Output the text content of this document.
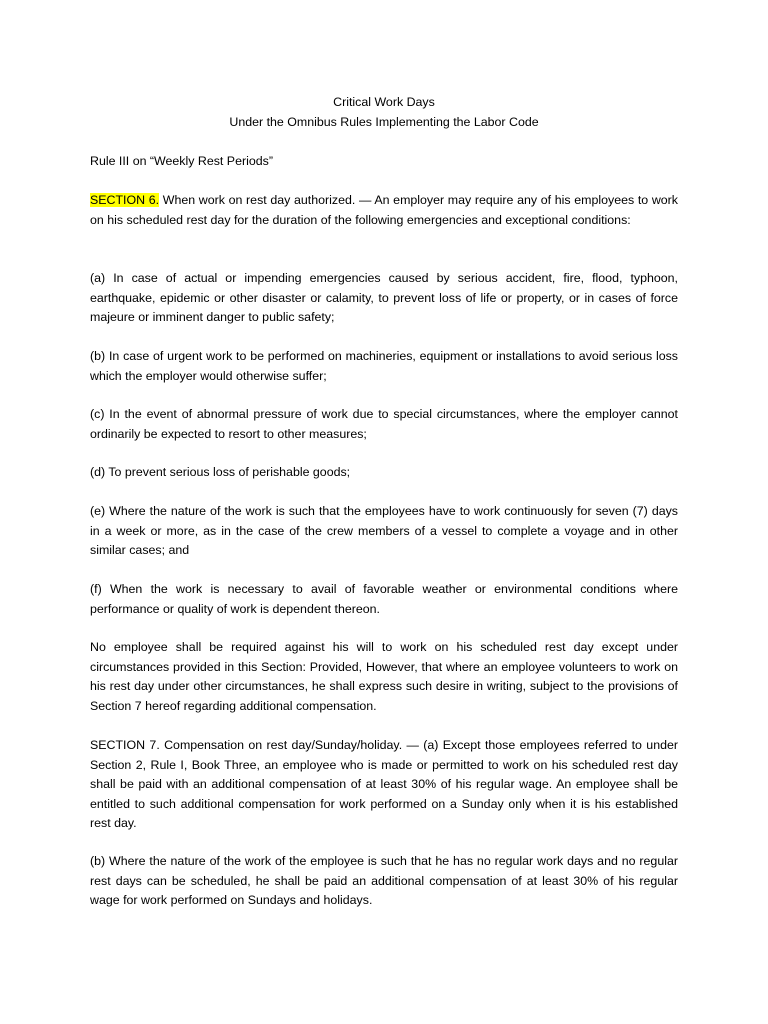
Critical Work Days
Under the Omnibus Rules Implementing the Labor Code

Rule III on “Weekly Rest Periods”

SECTION 6. When work on rest day authorized. — An employer may require any of his employees to work on his scheduled rest day for the duration of the following emergencies and exceptional conditions:

(a) In case of actual or impending emergencies caused by serious accident, fire, flood, typhoon, earthquake, epidemic or other disaster or calamity, to prevent loss of life or property, or in cases of force majeure or imminent danger to public safety;

(b) In case of urgent work to be performed on machineries, equipment or installations to avoid serious loss which the employer would otherwise suffer;

(c) In the event of abnormal pressure of work due to special circumstances, where the employer cannot ordinarily be expected to resort to other measures;

(d) To prevent serious loss of perishable goods;

(e) Where the nature of the work is such that the employees have to work continuously for seven (7) days in a week or more, as in the case of the crew members of a vessel to complete a voyage and in other similar cases; and

(f) When the work is necessary to avail of favorable weather or environmental conditions where performance or quality of work is dependent thereon.

No employee shall be required against his will to work on his scheduled rest day except under circumstances provided in this Section: Provided, However, that where an employee volunteers to work on his rest day under other circumstances, he shall express such desire in writing, subject to the provisions of Section 7 hereof regarding additional compensation.

SECTION 7. Compensation on rest day/Sunday/holiday. — (a) Except those employees referred to under Section 2, Rule I, Book Three, an employee who is made or permitted to work on his scheduled rest day shall be paid with an additional compensation of at least 30% of his regular wage. An employee shall be entitled to such additional compensation for work performed on a Sunday only when it is his established rest day.

(b) Where the nature of the work of the employee is such that he has no regular work days and no regular rest days can be scheduled, he shall be paid an additional compensation of at least 30% of his regular wage for work performed on Sundays and holidays.
